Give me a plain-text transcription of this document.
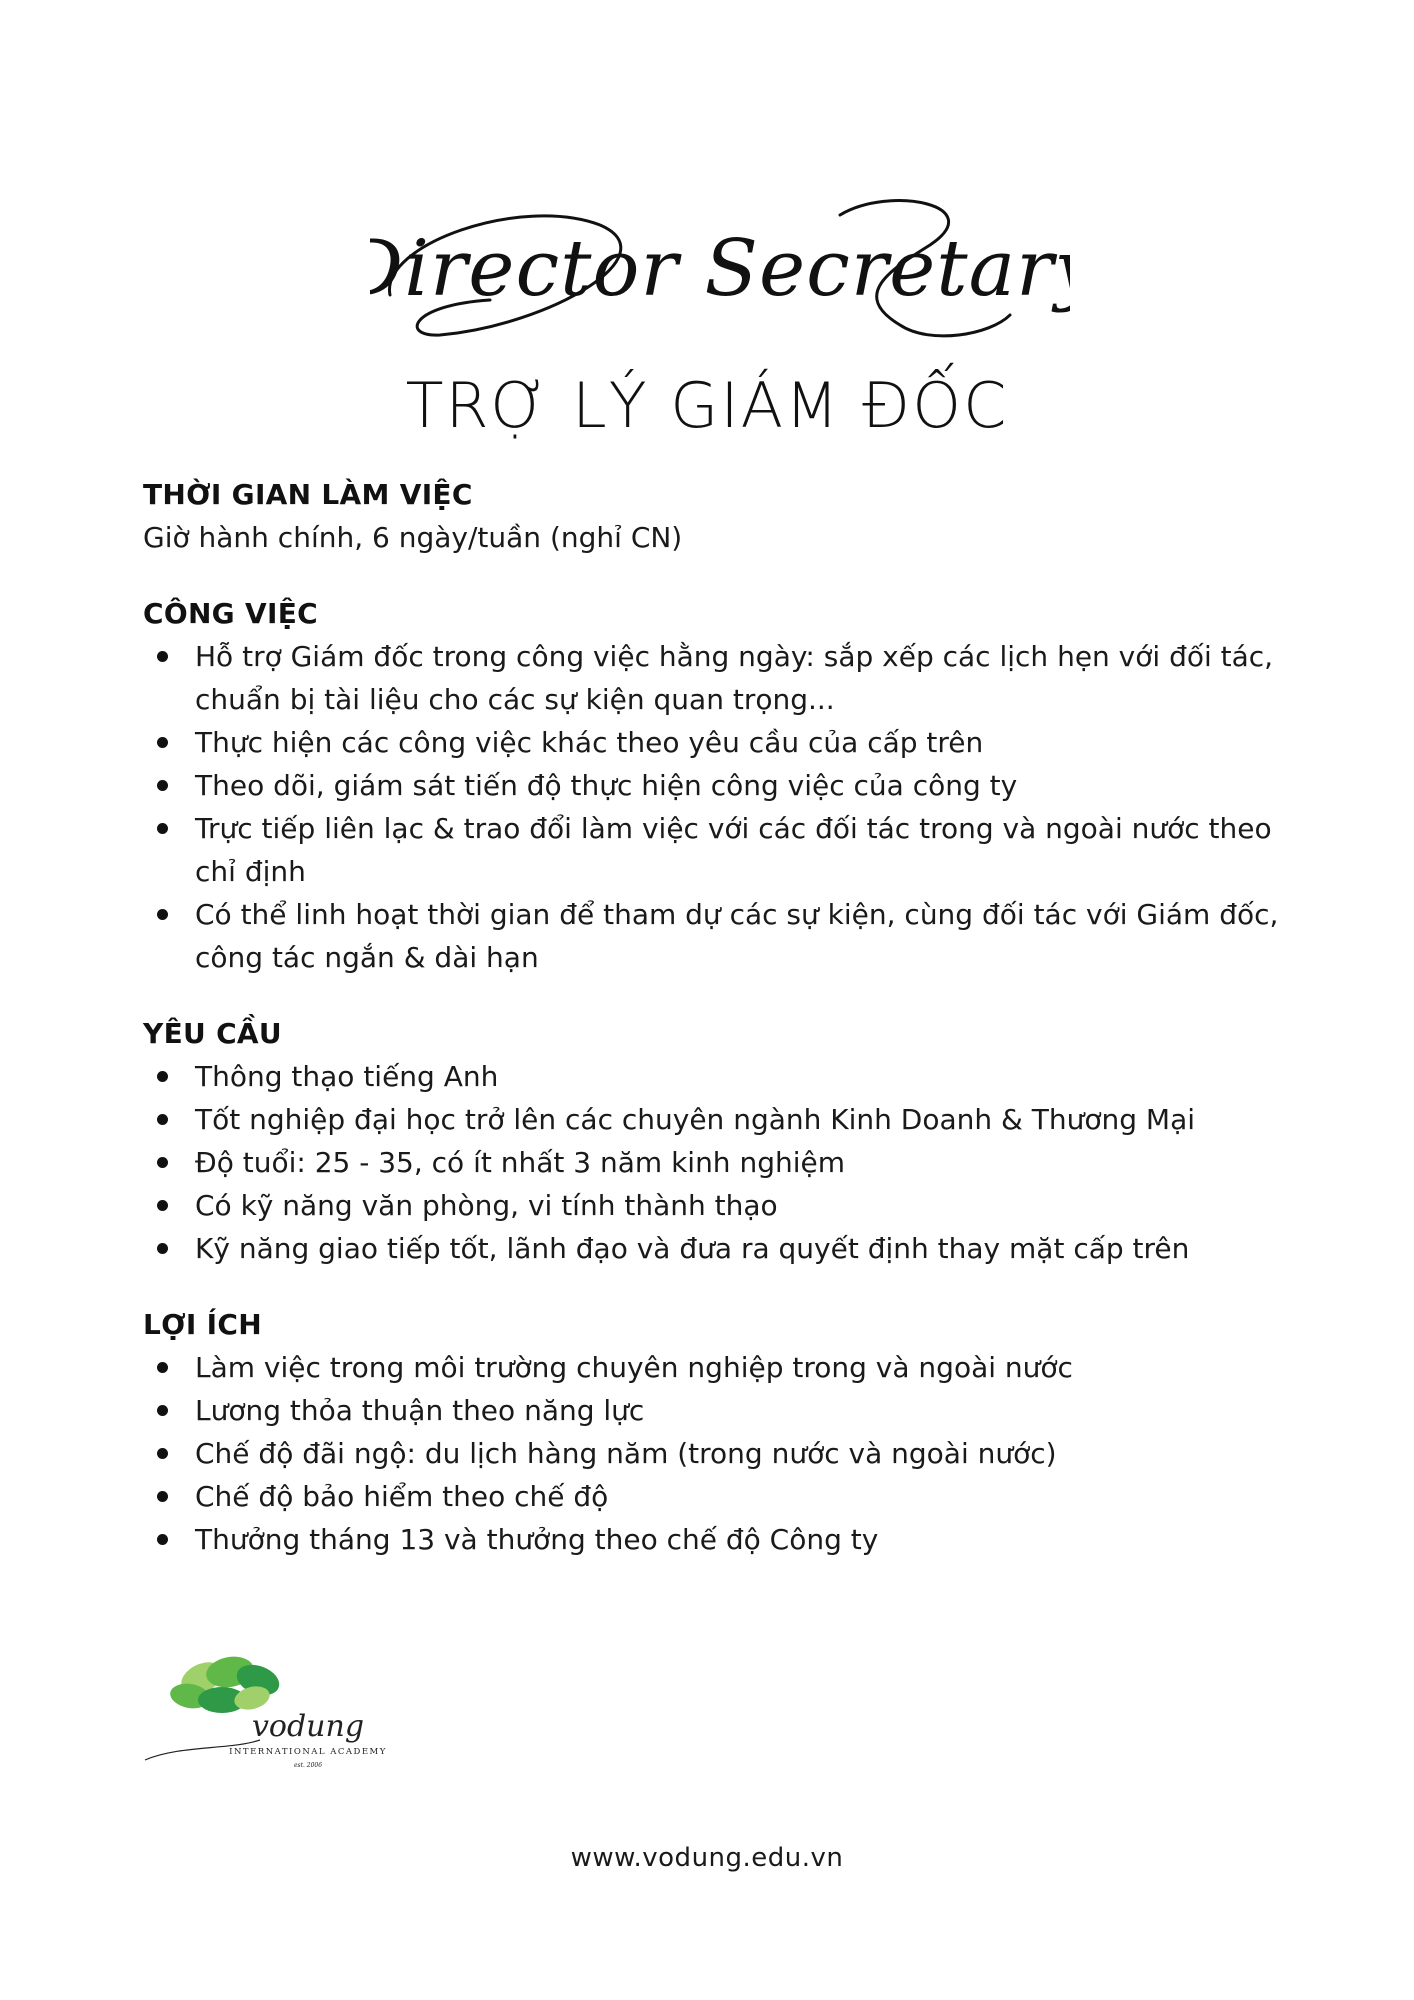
Director Secretary
TRỢ LÝ GIÁM ĐỐC

THỜI GIAN LÀM VIỆC

Giờ hành chính, 6 ngày/tuần (nghỉ CN)

CÔNG VIỆC

Hỗ trợ Giám đốc trong công việc hằng ngày: sắp xếp các lịch hẹn với đối tác, chuẩn bị tài liệu cho các sự kiện quan trọng...
Thực hiện các công việc khác theo yêu cầu của cấp trên
Theo dõi, giám sát tiến độ thực hiện công việc của công ty
Trực tiếp liên lạc & trao đổi làm việc với các đối tác trong và ngoài nước theo chỉ định
Có thể linh hoạt thời gian để tham dự các sự kiện, cùng đối tác với Giám đốc, công tác ngắn & dài hạn

YÊU CẦU

Thông thạo tiếng Anh
Tốt nghiệp đại học trở lên các chuyên ngành Kinh Doanh & Thương Mại
Độ tuổi: 25 - 35, có ít nhất 3 năm kinh nghiệm
Có kỹ năng văn phòng, vi tính thành thạo
Kỹ năng giao tiếp tốt, lãnh đạo và đưa ra quyết định thay mặt cấp trên

LỢI ÍCH

Làm việc trong môi trường chuyên nghiệp trong và ngoài nước
Lương thỏa thuận theo năng lực
Chế độ đãi ngộ: du lịch hàng năm (trong nước và ngoài nước)
Chế độ bảo hiểm theo chế độ
Thưởng tháng 13 và thưởng theo chế độ Công ty
vodung
INTERNATIONAL ACADEMY
est. 2006
www.vodung.edu.vn
